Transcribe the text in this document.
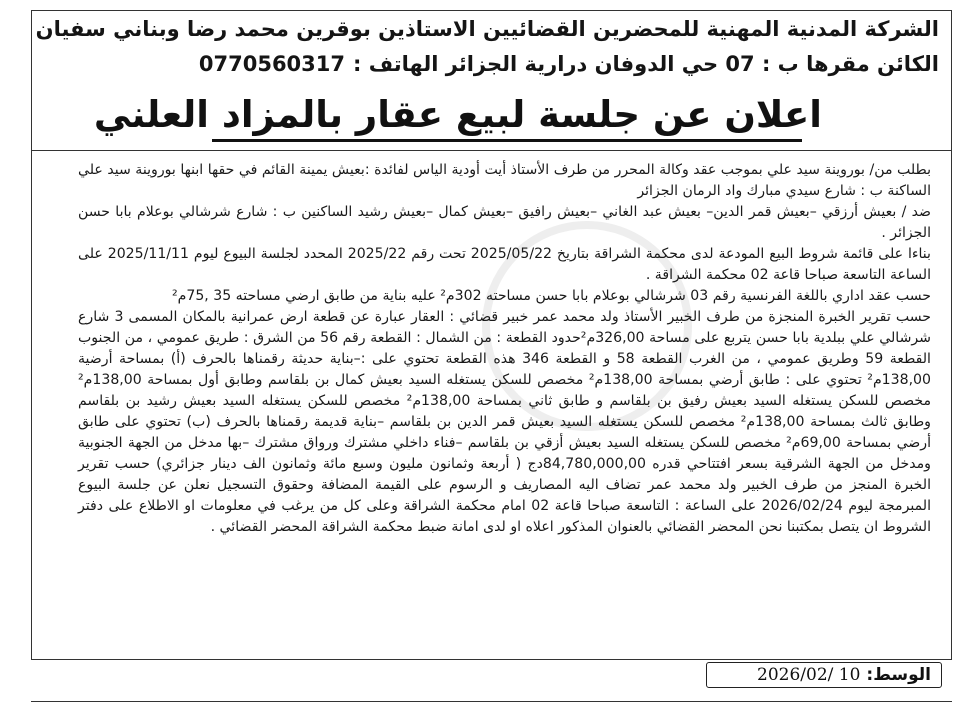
الشركة المدنية المهنية للمحضرين القضائيين الاستاذين بوقرين محمد رضا وبناني سفيان
الكائن مقرها ب : 07 حي الدوفان درارية الجزائر الهاتف :0770560317
اعلان عن جلسة لبيع عقار بالمزاد العلني

بطلب من/ بوروينة سيد علي بموجب عقد وكالة المحرر من طرف الأستاذ أيت أودية الياس لفائدة :بعيش يمينة القائم في حقها ابنها بوروينة سيد علي الساكنة ب : شارع سيدي مبارك واد الرمان الجزائر

ضد / بعيش أرزقي –بعيش قمر الدين– بعيش عبد الغاني –بعيش رافيق –بعيش كمال –بعيش رشيد الساكنين ب : شارع شرشالي بوعلام بابا حسن الجزائر .

بناءا على قائمة شروط البيع المودعة لدى محكمة الشراقة بتاريخ 2025/05/22 تحت رقم 2025/22 المحدد لجلسة البيوع ليوم 2025/11/11 على الساعة التاسعة صباحا قاعة 02 محكمة الشراقة .

حسب عقد اداري باللغة الفرنسية رقم 03 شرشالي بوعلام بابا حسن مساحته 302م² عليه بناية من طابق ارضي مساحته 35 ,75م²

حسب تقرير الخبرة المنجزة من طرف الخبير الأستاذ ولد محمد عمر خبير قضائي : العقار عبارة عن قطعة ارض عمرانية بالمكان المسمى 3 شارع شرشالي علي ببلدية بابا حسن يتربع على مساحة 326,00م²حدود القطعة : من الشمال : القطعة رقم 56 من الشرق : طريق عمومي ، من الجنوب القطعة 59 وطريق عمومي ، من الغرب القطعة 58 و القطعة 346 هذه القطعة تحتوي على :–بناية حديثة رقمناها بالحرف (أ) بمساحة أرضية 138,00م² تحتوي على : طابق أرضي بمساحة 138,00م² مخصص للسكن يستغله السيد بعيش كمال بن بلقاسم وطابق أول بمساحة 138,00م² مخصص للسكن يستغله السيد بعيش رفيق بن بلقاسم و طابق ثاني بمساحة 138,00م² مخصص للسكن يستغله السيد بعيش رشيد بن بلقاسم وطابق ثالث بمساحة 138,00م² مخصص للسكن يستغله السيد بعيش قمر الدين بن بلقاسم –بناية قديمة رقمناها بالحرف (ب) تحتوي على طابق أرضي بمساحة 69,00م² مخصص للسكن يستغله السيد بعيش أزقي بن بلقاسم –فناء داخلي مشترك ورواق مشترك –بها مدخل من الجهة الجنوبية ومدخل من الجهة الشرقية بسعر افتتاحي قدره 84,780,000,00دج ( أربعة وثمانون مليون وسبع مائة وثمانون الف دينار جزائري) حسب تقرير الخبرة المنجز من طرف الخبير ولد محمد عمر تضاف اليه المصاريف و الرسوم على القيمة المضافة وحقوق التسجيل نعلن عن جلسة البيوع المبرمجة ليوم 2026/02/24 على الساعة : التاسعة صباحا قاعة 02 امام محكمة الشراقة وعلى كل من يرغب في معلومات او الاطلاع على دفتر الشروط ان يتصل بمكتبنا نحن المحضر القضائي بالعنوان المذكور اعلاه او لدى امانة ضبط محكمة الشراقة المحضر القضائي .

الوسط:
2026/02/ 10
